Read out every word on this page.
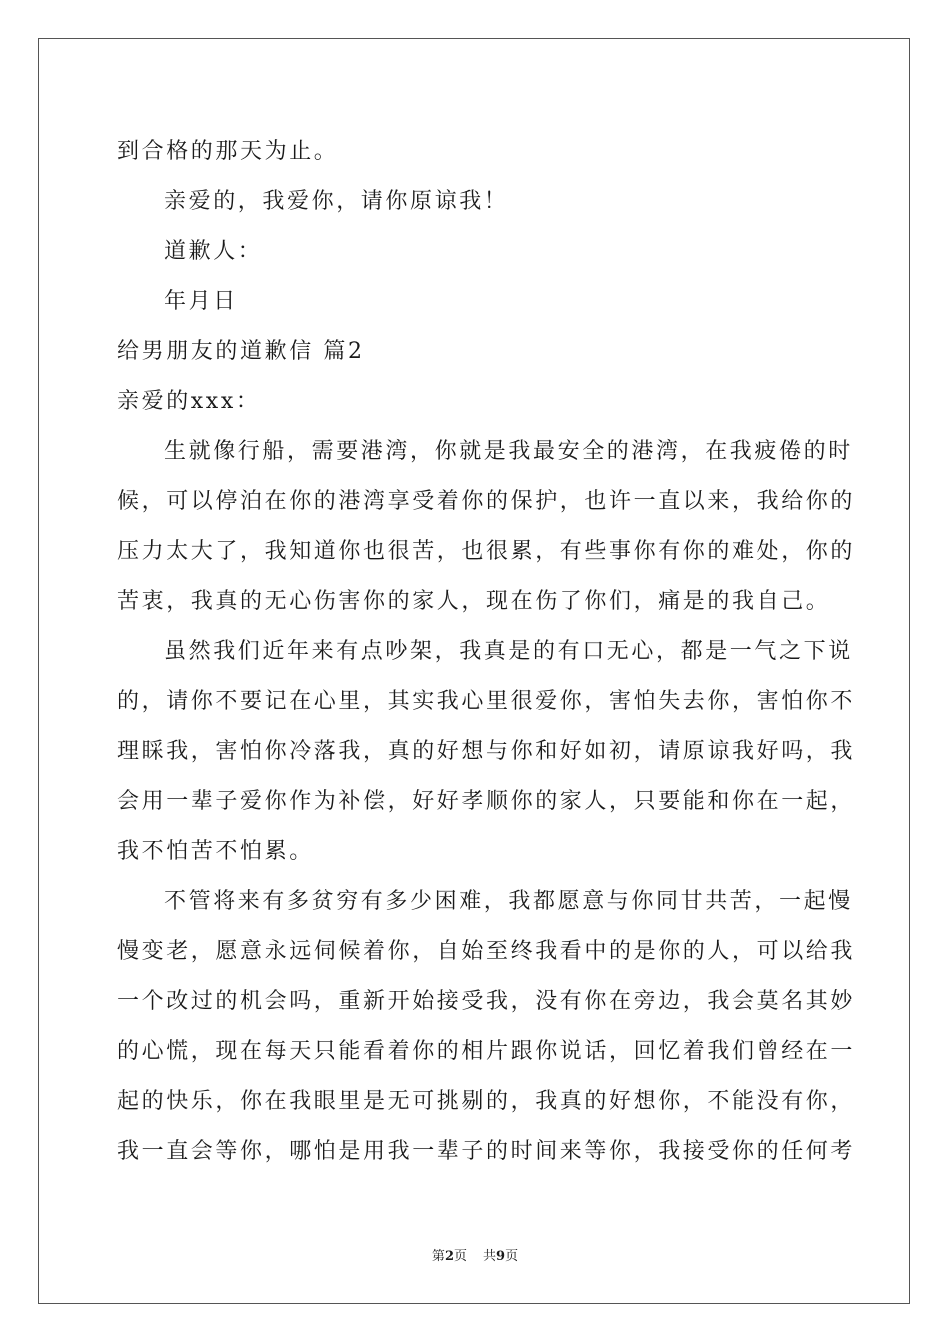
到合格的那天为止。
亲爱的，我爱你，请你原谅我！
道歉人：
年月日
给男朋友的道歉信 篇2
亲爱的xxx：
生就像行船，需要港湾，你就是我最安全的港湾，在我疲倦的时
候，可以停泊在你的港湾享受着你的保护，也许一直以来，我给你的
压力太大了，我知道你也很苦，也很累，有些事你有你的难处，你的
苦衷，我真的无心伤害你的家人，现在伤了你们，痛是的我自己。
虽然我们近年来有点吵架，我真是的有口无心，都是一气之下说
的，请你不要记在心里，其实我心里很爱你，害怕失去你，害怕你不
理睬我，害怕你冷落我，真的好想与你和好如初，请原谅我好吗，我
会用一辈子爱你作为补偿，好好孝顺你的家人，只要能和你在一起，
我不怕苦不怕累。
不管将来有多贫穷有多少困难，我都愿意与你同甘共苦，一起慢
慢变老，愿意永远伺候着你，自始至终我看中的是你的人，可以给我
一个改过的机会吗，重新开始接受我，没有你在旁边，我会莫名其妙
的心慌，现在每天只能看着你的相片跟你说话，回忆着我们曾经在一
起的快乐，你在我眼里是无可挑剔的，我真的好想你，不能没有你，
我一直会等你，哪怕是用我一辈子的时间来等你，我接受你的任何考
第2页 共9页
